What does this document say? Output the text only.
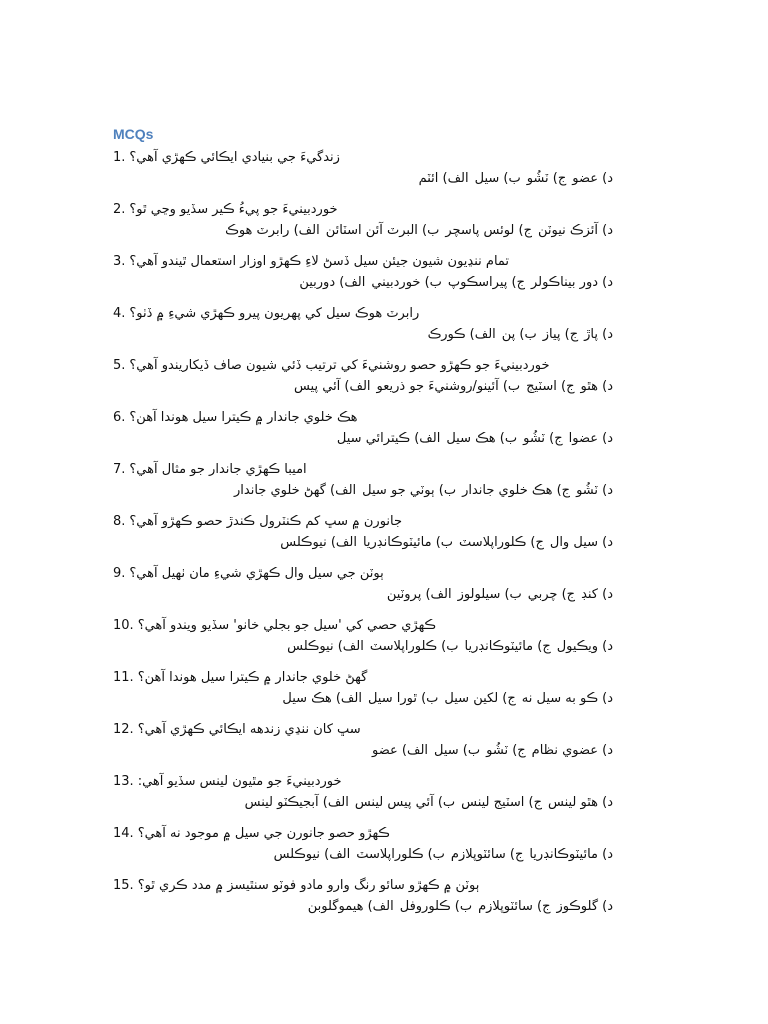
MCQs
1. زندگيءَ جي بنيادي ايڪائي ڪهڙي آهي؟
الف) ائٽم ب) سيل ج) ٽشُو د) عضو
2. خوردبينيءَ جو پيءُ ڪير سڏيو وڃي ٿو؟
الف) رابرٽ هوڪ ب) البرٽ آئن اسٽائن ج) لوئس پاسچر د) آئزڪ نيوٽن
3. تمام ننڍيون شيون جيئن سيل ڏسڻ لاءِ ڪهڙو اوزار استعمال ٿيندو آهي؟
الف) دوربين ب) خوردبيني ج) پيراسڪوپ د) دور بيناڪولر
4. رابرٽ هوڪ سيل کي پهريون پيرو ڪهڙي شيءِ ۾ ڏٺو؟
الف) ڪورڪ ب) پن ج) پياز د) پاڙ
5. خوردبينيءَ جو ڪهڙو حصو روشنيءَ کي ترتيب ڏئي شيون صاف ڏيکاريندو آهي؟
الف) آئي پيس ب) آئينو/روشنيءَ جو ذريعو ج) اسٽيج د) هٿو
6. هڪ خلوي جاندار ۾ ڪيترا سيل هوندا آهن؟
الف) ڪيترائي سيل ب) هڪ سيل ج) ٽشُو د) عضوا
7. اميبا ڪهڙي جاندار جو مثال آهي؟
الف) گهڻ خلوي جاندار ب) ٻوٽي جو سيل ج) هڪ خلوي جاندار د) ٽشُو
8. جانورن ۾ سڀ کم ڪنٽرول ڪندڙ حصو ڪهڙو آهي؟
الف) نيوڪلس ب) مائيٽوڪانڊريا ج) ڪلوراپلاسٽ د) سيل وال
9. ٻوٽن جي سيل وال ڪهڙي شيءِ مان ٺهيل آهي؟
الف) پروٽين ب) سيلولوز ج) چربي د) کنڊ
10. ڪهڙي حصي کي 'سيل جو بجلي خانو' سڏيو ويندو آهي؟
الف) نيوڪلس ب) ڪلوراپلاسٽ ج) مائيٽوڪانڊريا د) ويڪيول
11. گهڻ خلوي جاندار ۾ ڪيترا سيل هوندا آهن؟
الف) هڪ سيل ب) ٿورا سيل ج) لکين سيل د) ڪو به سيل نه
12. سڀ کان ننڍي زندهه ايڪائي ڪهڙي آهي؟
الف) عضو ب) سيل ج) ٽشُو د) عضوي نظام
13. خوردبينيءَ جو مٿيون لينس سڏيو آهي:
الف) آبجيڪٽو لينس ب) آئي پيس لينس ج) اسٽيج لينس د) هٿو لينس
14. ڪهڙو حصو جانورن جي سيل ۾ موجود نه آهي؟
الف) نيوڪلس ب) ڪلوراپلاسٽ ج) سائٽوپلازم د) مائيٽوڪانڊريا
15. ٻوٽن ۾ ڪهڙو سائو رنگ وارو مادو فوٽو سنٿيسز ۾ مدد ڪري ٿو؟
الف) هيموگلوبن ب) ڪلوروفل ج) سائٽوپلازم د) گلوڪوز
